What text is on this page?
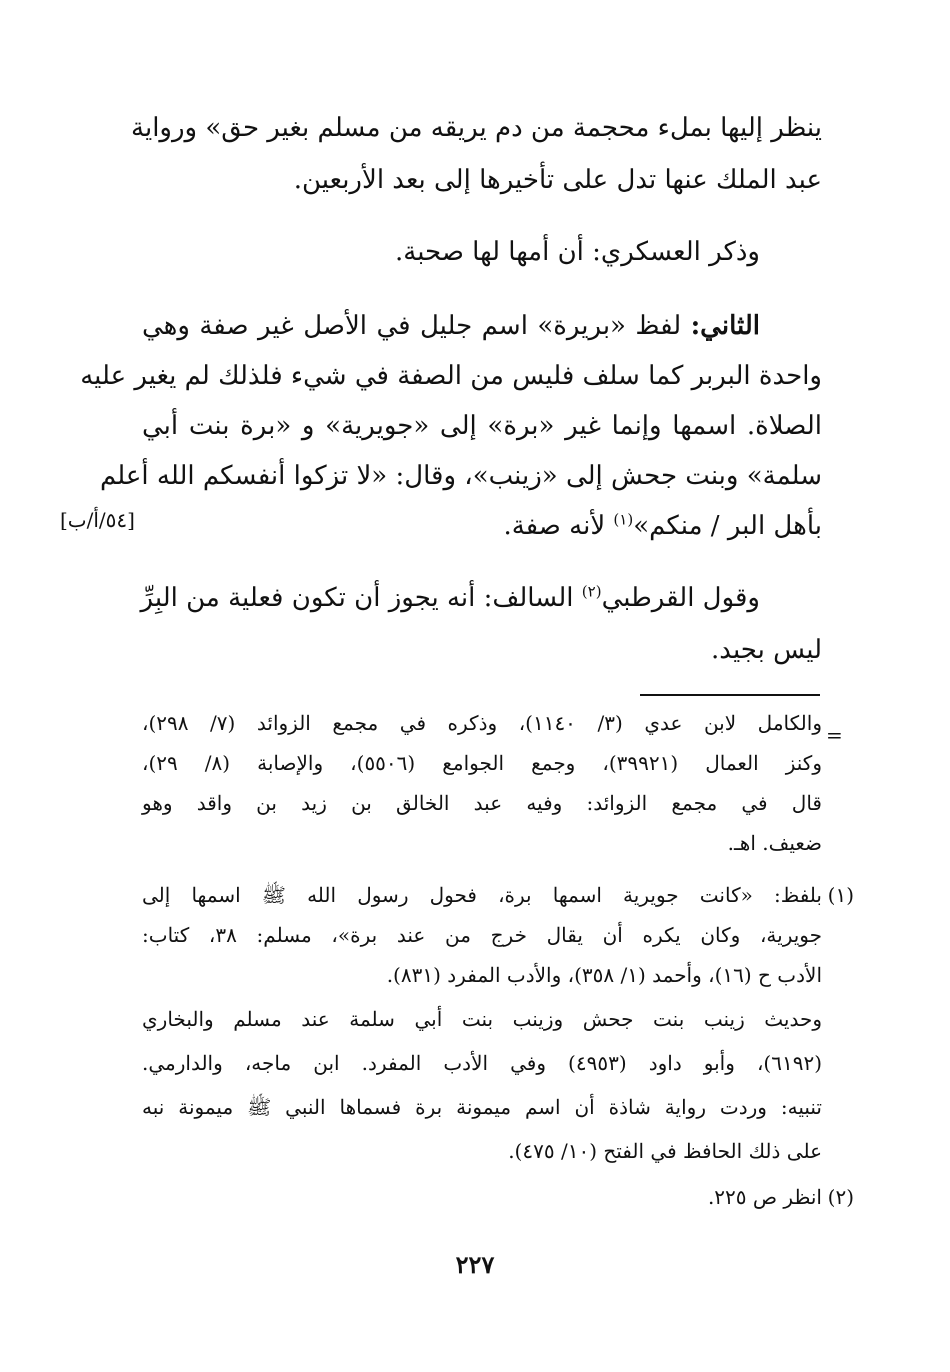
ينظر إليها بملء محجمة من دم يريقه من مسلم بغير حق» ورواية
عبد الملك عنها تدل على تأخيرها إلى بعد الأربعين.
وذكر العسكري: أن أمها لها صحبة.
الثاني: لفظ «بريرة» اسم جليل في الأصل غير صفة وهي
واحدة البربر كما سلف فليس من الصفة في شيء فلذلك لم يغير عليه
الصلاة. اسمها وإنما غير «برة» إلى «جويرية» و «برة بنت أبي
سلمة» وبنت جحش إلى «زينب»، وقال: «لا تزكوا أنفسكم الله أعلم
بأهل البر / منكم»$^{(١)}$ لأنه صفة.
[٥٤/أ/ب]
وقول القرطبي$^{(٢)}$ السالف: أنه يجوز أن تكون فعلية من البِرِّ
ليس بجيد.
=
والكامل لابن عدي (٣/ ١١٤٠)، وذكره في مجمع الزوائد (٧/ ٢٩٨)،
وكنز العمال (٣٩٩٢١)، وجمع الجوامع (٥٥٠٦)، والإصابة (٨/ ٢٩)،
قال في مجمع الزوائد: وفيه عبد الخالق بن زيد بن واقد وهو
ضعيف. اهـ.
(١)
بلفظ: «كانت جويرية اسمها برة، فحول رسول الله ﷺ اسمها إلى
جويرية، وكان يكره أن يقال خرج من عند برة»، مسلم: ٣٨، كتاب:
الأدب ح (١٦)، وأحمد (١/ ٣٥٨)، والأدب المفرد (٨٣١).
وحديث زينب بنت جحش وزينب بنت أبي سلمة عند مسلم والبخاري
(٦١٩٢)، وأبو داود (٤٩٥٣) وفي الأدب المفرد. ابن ماجه، والدارمي.
تنبيه: وردت رواية شاذة أن اسم ميمونة برة فسماها النبي ﷺ ميمونة نبه
على ذلك الحافظ في الفتح (١٠/ ٤٧٥).
(٢)
انظر ص ٢٢٥.
٢٢٧
